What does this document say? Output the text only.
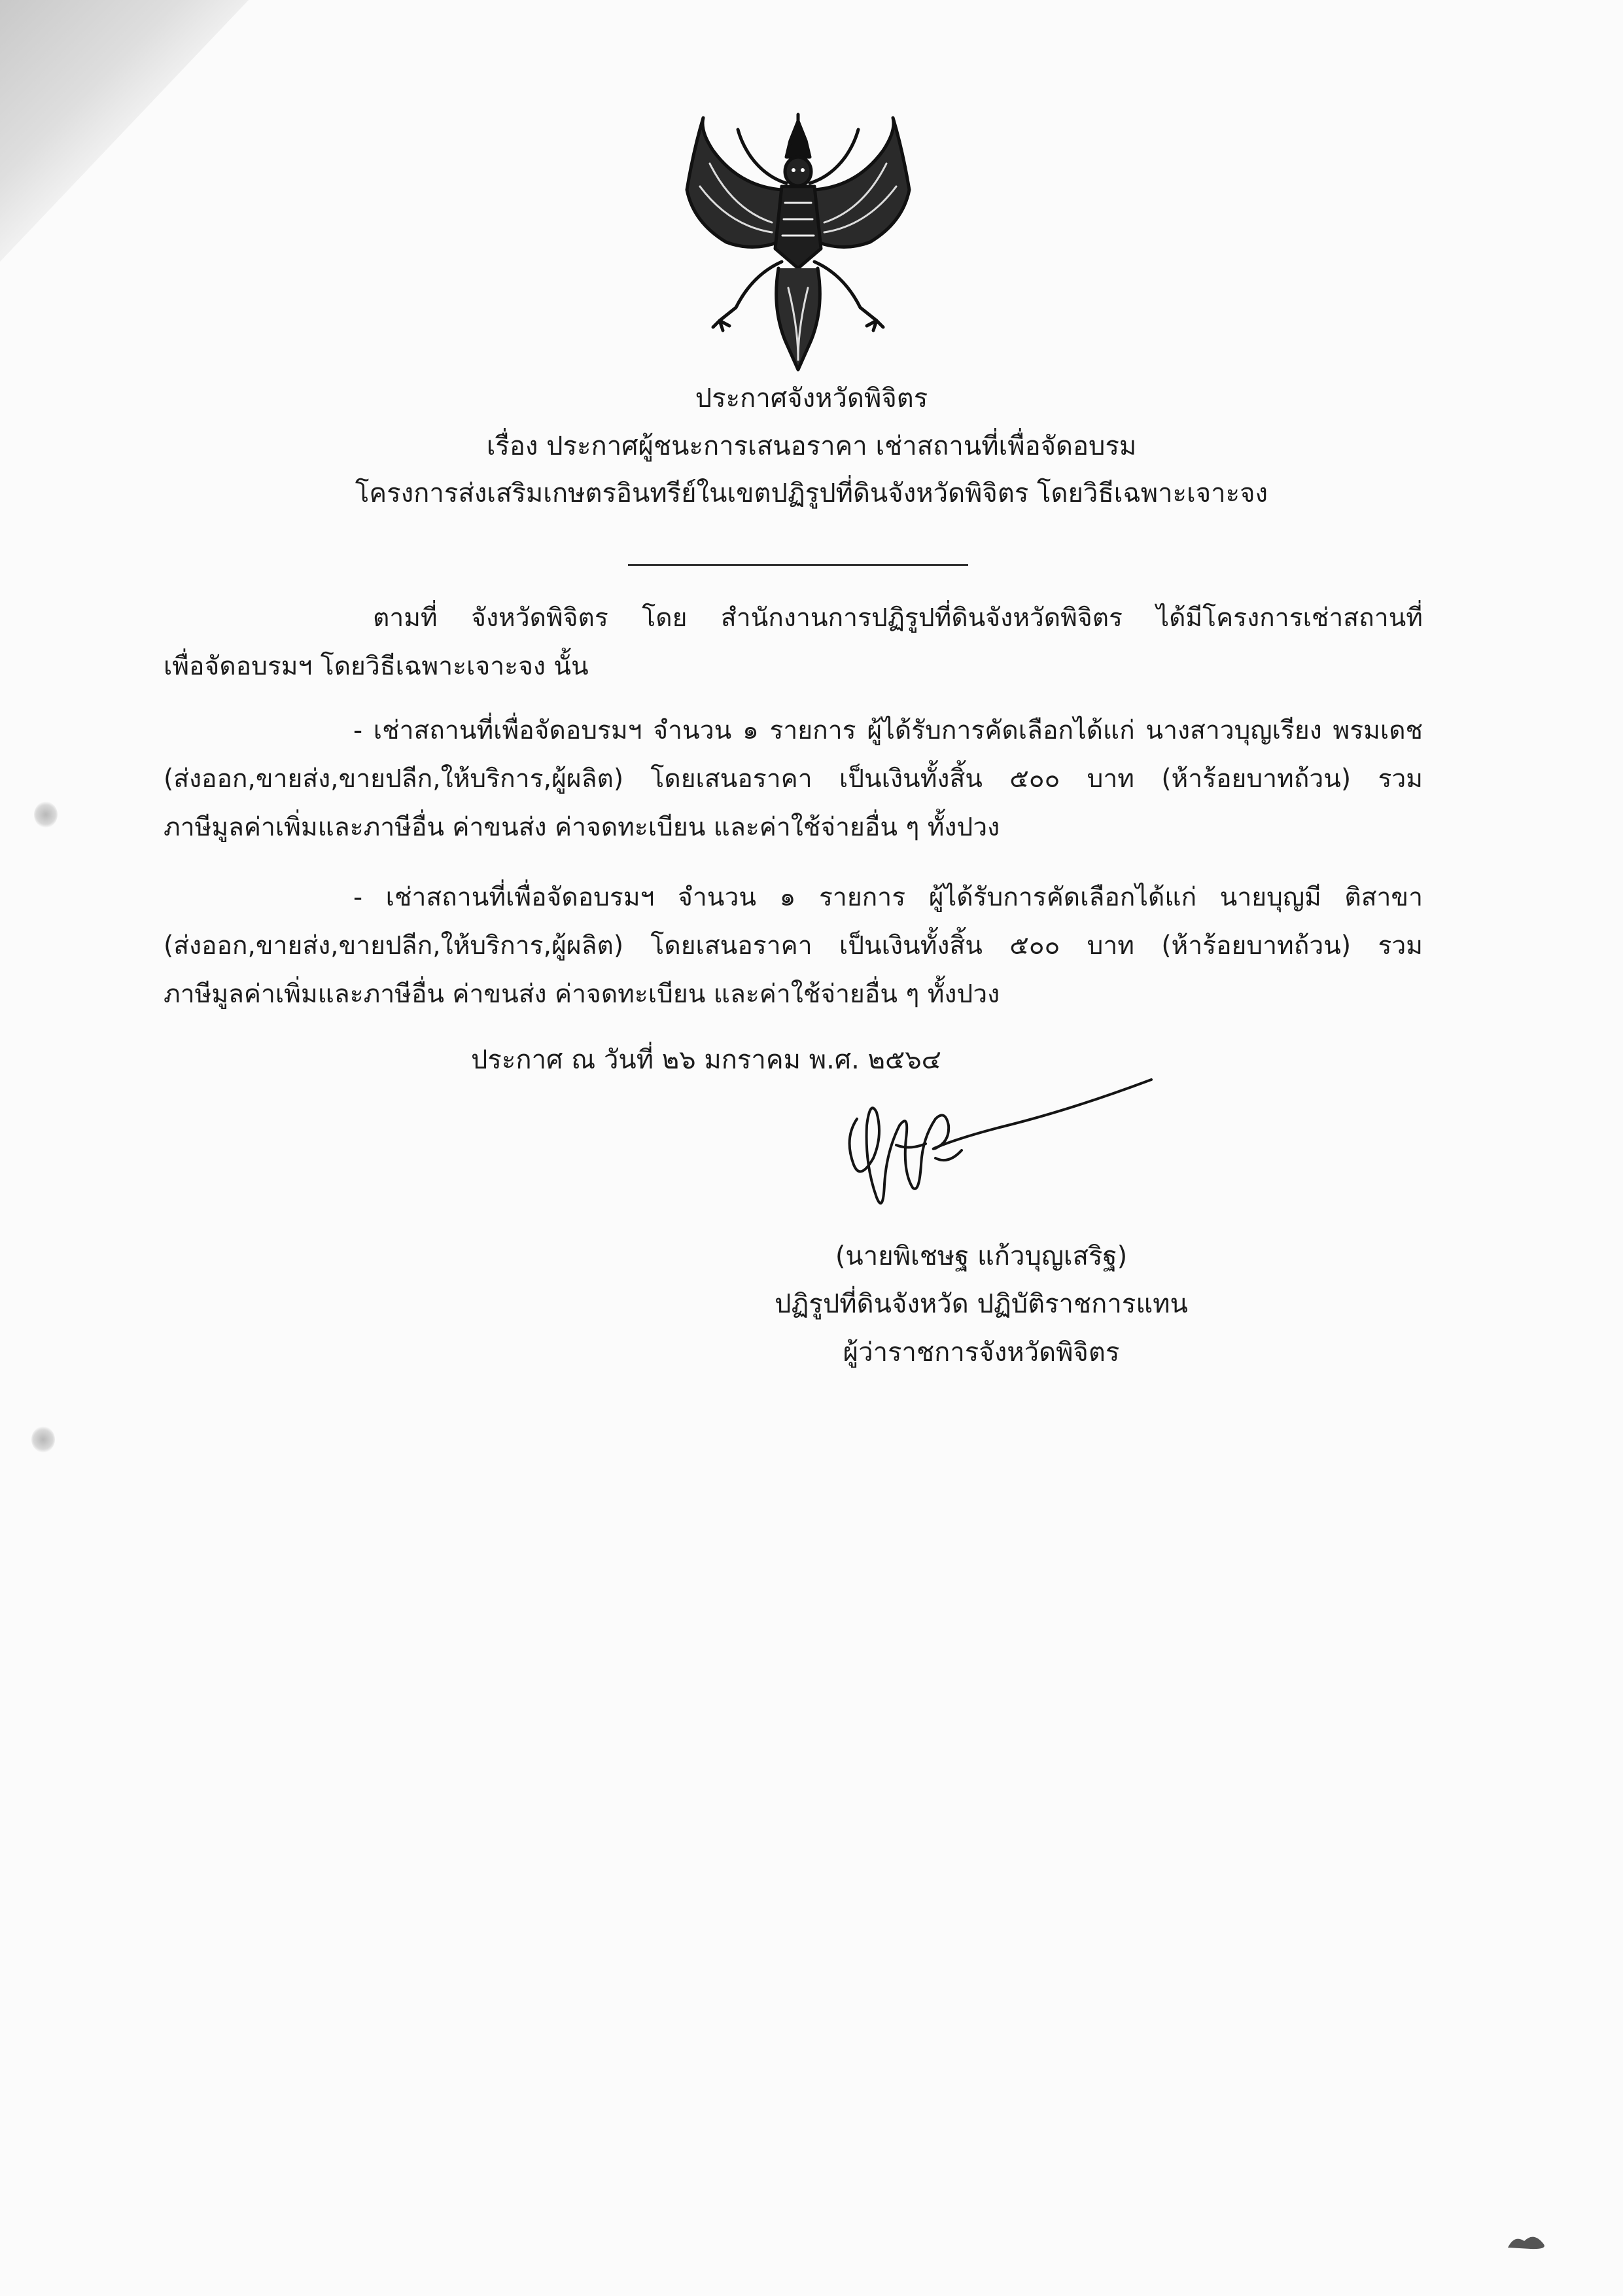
ประกาศจังหวัดพิจิตร
เรื่อง ประกาศผู้ชนะการเสนอราคา เช่าสถานที่เพื่อจัดอบรม
โครงการส่งเสริมเกษตรอินทรีย์ในเขตปฏิรูปที่ดินจังหวัดพิจิตร โดยวิธีเฉพาะเจาะจง
ตามที่ จังหวัดพิจิตร โดย สำนักงานการปฏิรูปที่ดินจังหวัดพิจิตร ได้มีโครงการเช่าสถานที่
เพื่อจัดอบรมฯ โดยวิธีเฉพาะเจาะจง นั้น
- เช่าสถานที่เพื่อจัดอบรมฯ จำนวน ๑ รายการ ผู้ได้รับการคัดเลือกได้แก่ นางสาวบุญเรียง พรมเดช
(ส่งออก,ขายส่ง,ขายปลีก,ให้บริการ,ผู้ผลิต) โดยเสนอราคา เป็นเงินทั้งสิ้น ๕๐๐ บาท (ห้าร้อยบาทถ้วน) รวม
ภาษีมูลค่าเพิ่มและภาษีอื่น ค่าขนส่ง ค่าจดทะเบียน และค่าใช้จ่ายอื่น ๆ ทั้งปวง
- เช่าสถานที่เพื่อจัดอบรมฯ จำนวน ๑ รายการ ผู้ได้รับการคัดเลือกได้แก่ นายบุญมี ติสาขา
(ส่งออก,ขายส่ง,ขายปลีก,ให้บริการ,ผู้ผลิต) โดยเสนอราคา เป็นเงินทั้งสิ้น ๕๐๐ บาท (ห้าร้อยบาทถ้วน) รวม
ภาษีมูลค่าเพิ่มและภาษีอื่น ค่าขนส่ง ค่าจดทะเบียน และค่าใช้จ่ายอื่น ๆ ทั้งปวง
ประกาศ ณ วันที่ ๒๖ มกราคม พ.ศ. ๒๕๖๔
(นายพิเชษฐ แก้วบุญเสริฐ)
ปฏิรูปที่ดินจังหวัด ปฏิบัติราชการแทน
ผู้ว่าราชการจังหวัดพิจิตร
